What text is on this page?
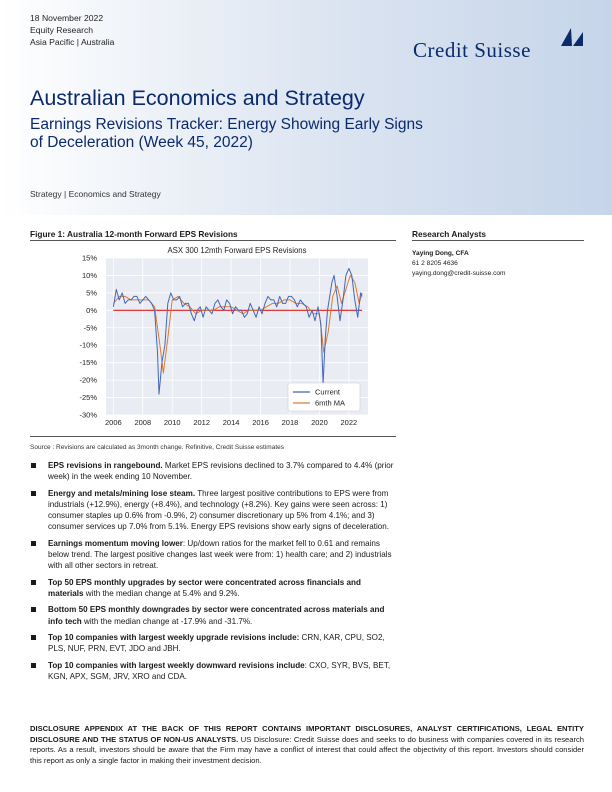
18 November 2022
Equity Research
Asia Pacific | Australia	Credit Suisse
Australian Economics and Strategy
Earnings Revisions Tracker: Energy Showing Early Signs of Deceleration (Week 45, 2022)
Strategy | Economics and Strategy
Figure 1: Australia 12-month Forward EPS Revisions
15%
10%
5%
0%
-5%
-10%
-15%
-20%
-25%
-30%
2006 2008 2010 2012 2014 2016 2018 2020 2022
ASX 300 12mth Forward EPS Revisions
Current
6mth MA
Source : Revisions are calculated as 3month change. Refinitive, Credit Suisse estimates
Research Analysts
Yaying Dong, CFA
61 2 8205 4636
yaying.dong@credit-suisse.com
EPS revisions in rangebound. Market EPS revisions declined to 3.7% compared to 4.4% (prior week) in the week ending 10 November.
Energy and metals/mining lose steam. Three largest positive contributions to EPS were from industrials (+12.9%), energy (+8.4%), and technology (+8.2%). Key gains were seen across: 1) consumer staples up 0.6% from -0.9%, 2) consumer discretionary up 5% from 4.1%; and 3) consumer services up 7.0% from 5.1%. Energy EPS revisions show early signs of deceleration.
Earnings momentum moving lower: Up/down ratios for the market fell to 0.61 and remains below trend. The largest positive changes last week were from: 1) health care; and 2) industrials with all other sectors in retreat.
Top 50 EPS monthly upgrades by sector were concentrated across financials and materials with the median change at 5.4% and 9.2%.
Bottom 50 EPS monthly downgrades by sector were concentrated across materials and info tech with the median change at -17.9% and -31.7%.
Top 10 companies with largest weekly upgrade revisions include: CRN, KAR, CPU, SO2, PLS, NUF, PRN, EVT, JDO and JBH.
Top 10 companies with largest weekly downward revisions include: CXO, SYR, BVS, BET, KGN, APX, SGM, JRV, XRO and CDA.
DISCLOSURE APPENDIX AT THE BACK OF THIS REPORT CONTAINS IMPORTANT DISCLOSURES, ANALYST CERTIFICATIONS, LEGAL ENTITY DISCLOSURE AND THE STATUS OF NON-US ANALYSTS. US Disclosure: Credit Suisse does and seeks to do business with companies covered in its research reports. As a result, investors should be aware that the Firm may have a conflict of interest that could affect the objectivity of this report. Investors should consider this report as only a single factor in making their investment decision.
